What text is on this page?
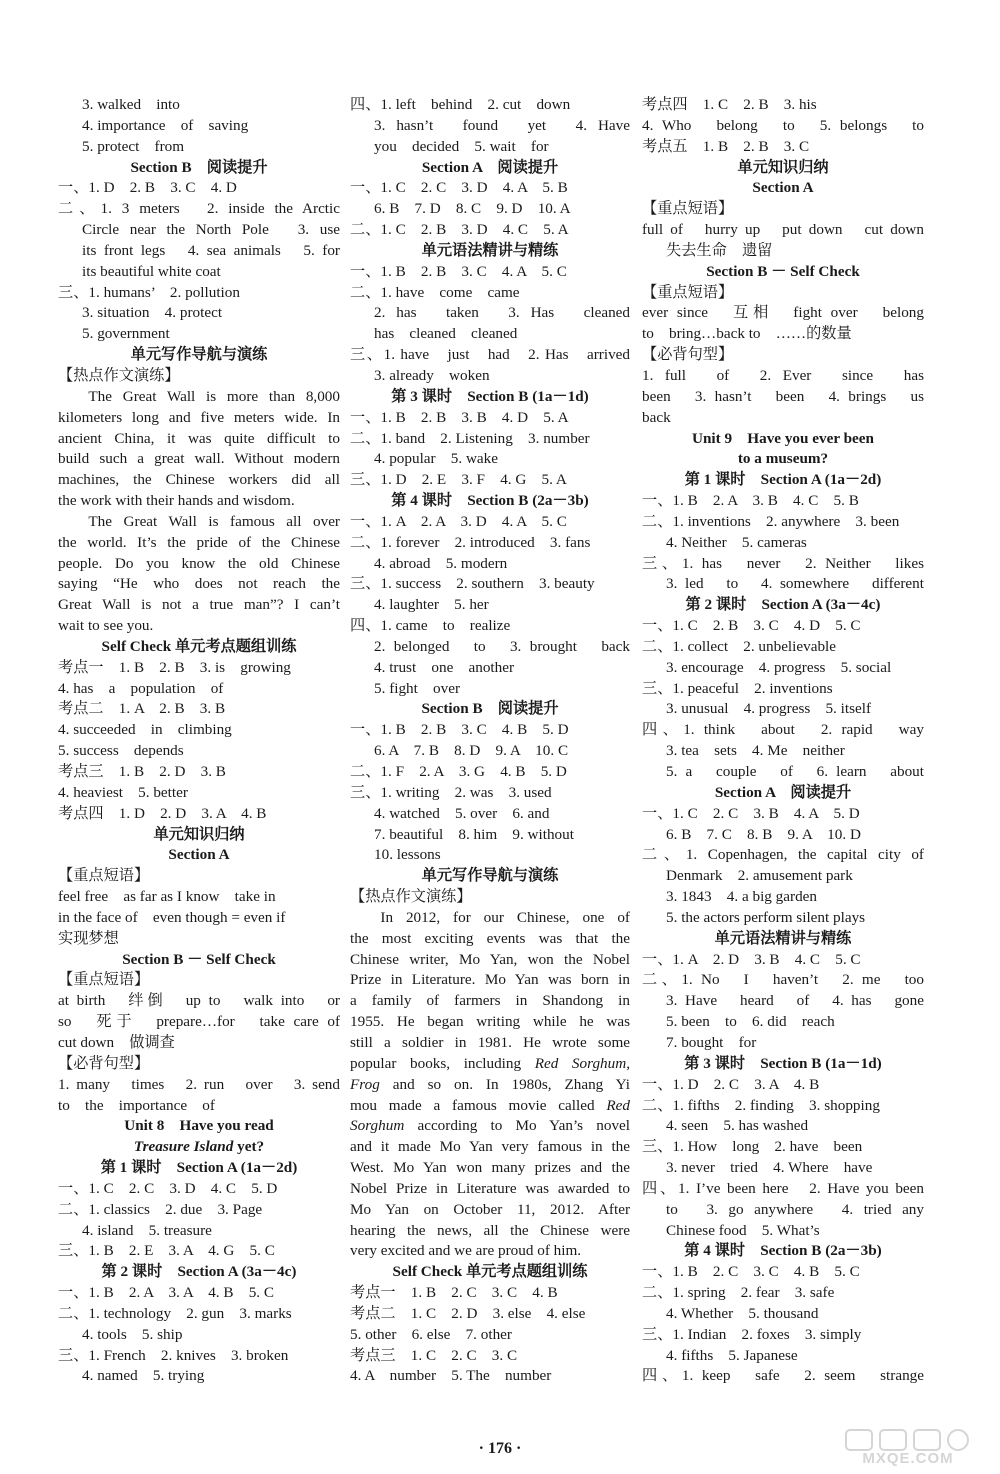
3. walked　into
4. importance　of　saving
5. protect　from
Section B　阅读提升
一、1. D　2. B　3. C　4. D
二、1. 3 meters　2. inside the Arctic
Circle near the North Pole　3. use
its front legs　4. sea animals　5. for
its beautiful white coat
三、1. humans’　2. pollution
3. situation　4. protect
5. government
单元写作导航与演练
【热点作文演练】
The Great Wall is more than 8,000
kilometers long and five meters wide. In
ancient China, it was quite difficult to
build such a great wall. Without modern
machines, the Chinese workers did all
the work with their hands and wisdom.
The Great Wall is famous all over
the world. It’s the pride of the Chinese
people. Do you know the old Chinese
saying “He who does not reach the
Great Wall is not a true man”? I can’t
wait to see you.
Self Check 单元考点题组训练
考点一　1. B　2. B　3. is　growing
4. has　a　population　of
考点二　1. A　2. B　3. B
4. succeeded　in　climbing
5. success　depends
考点三　1. B　2. D　3. B
4. heaviest　5. better
考点四　1. D　2. D　3. A　4. B
单元知识归纳
Section A
【重点短语】
feel free　as far as I know　take in
in the face of　even though = even if
实现梦想
Section B － Self Check
【重点短语】
at birth　绊倒　up to　walk into　or
so　死于　prepare…for　take care of
cut down　做调查
【必背句型】
1. many　times　2. run　over　3. send
to　the　importance　of
Unit 8　Have you read
Treasure Island yet?
第 1 课时　Section A (1a－2d)
一、1. C　2. C　3. D　4. C　5. D
二、1. classics　2. due　3. Page
4. island　5. treasure
三、1. B　2. E　3. A　4. G　5. C
第 2 课时　Section A (3a－4c)
一、1. B　2. A　3. A　4. B　5. C
二、1. technology　2. gun　3. marks
4. tools　5. ship
三、1. French　2. knives　3. broken
4. named　5. trying
四、1. left　behind　2. cut　down
3. hasn’t　found　yet　4. Have
you　decided　5. wait　for
Section A　阅读提升
一、1. C　2. C　3. D　4. A　5. B
6. B　7. D　8. C　9. D　10. A
二、1. C　2. B　3. D　4. C　5. A
单元语法精讲与精练
一、1. B　2. B　3. C　4. A　5. C
二、1. have　come　came
2. has　taken　3. Has　cleaned
has　cleaned　cleaned
三、1. have　just　had　2. Has　arrived
3. already　woken
第 3 课时　Section B (1a－1d)
一、1. B　2. B　3. B　4. D　5. A
二、1. band　2. Listening　3. number
4. popular　5. wake
三、1. D　2. E　3. F　4. G　5. A
第 4 课时　Section B (2a－3b)
一、1. A　2. A　3. D　4. A　5. C
二、1. forever　2. introduced　3. fans
4. abroad　5. modern
三、1. success　2. southern　3. beauty
4. laughter　5. her
四、1. came　to　realize
2. belonged　to　3. brought　back
4. trust　one　another
5. fight　over
Section B　阅读提升
一、1. B　2. B　3. C　4. B　5. D
6. A　7. B　8. D　9. A　10. C
二、1. F　2. A　3. G　4. B　5. D
三、1. writing　2. was　3. used
4. watched　5. over　6. and
7. beautiful　8. him　9. without
10. lessons
单元写作导航与演练
【热点作文演练】
In 2012, for our Chinese, one of
the most exciting events was that the
Chinese writer, Mo Yan, won the Nobel
Prize in Literature. Mo Yan was born in
a family of farmers in Shandong in
1955. He began writing while he was
still a soldier in 1981. He wrote some
popular books, including Red Sorghum,
Frog and so on. In 1980s, Zhang Yi
mou made a famous movie called Red
Sorghum according to Mo Yan’s novel
and it made Mo Yan very famous in the
West. Mo Yan won many prizes and the
Nobel Prize in Literature was awarded to
Mo Yan on October 11, 2012. After
hearing the news, all the Chinese were
very excited and we are proud of him.
Self Check 单元考点题组训练
考点一　1. B　2. C　3. C　4. B
考点二　1. C　2. D　3. else　4. else
5. other　6. else　7. other
考点三　1. C　2. C　3. C
4. A　number　5. The　number
考点四　1. C　2. B　3. his
4. Who　belong　to　5. belongs　to
考点五　1. B　2. B　3. C
单元知识归纳
Section A
【重点短语】
full of　hurry up　put down　cut down
失去生命　遗留
Section B － Self Check
【重点短语】
ever since　互相　fight over　belong
to　bring…back to　……的数量
【必背句型】
1. full　of　2. Ever　since　has
been　3. hasn’t　been　4. brings　us
back
Unit 9　Have you ever been
to a museum?
第 1 课时　Section A (1a－2d)
一、1. B　2. A　3. B　4. C　5. B
二、1. inventions　2. anywhere　3. been
4. Neither　5. cameras
三、1. has　never　2. Neither　likes
3. led　to　4. somewhere　different
第 2 课时　Section A (3a－4c)
一、1. C　2. B　3. C　4. D　5. C
二、1. collect　2. unbelievable
3. encourage　4. progress　5. social
三、1. peaceful　2. inventions
3. unusual　4. progress　5. itself
四、1. think　about　2. rapid　way
3. tea　sets　4. Me　neither
5. a　couple　of　6. learn　about
Section A　阅读提升
一、1. C　2. C　3. B　4. A　5. D
6. B　7. C　8. B　9. A　10. D
二、1. Copenhagen, the capital city of
Denmark　2. amusement park
3. 1843　4. a big garden
5. the actors perform silent plays
单元语法精讲与精练
一、1. A　2. D　3. B　4. C　5. C
二、1. No　I　haven’t　2. me　too
3. Have　heard　of　4. has　gone
5. been　to　6. did　reach
7. bought　for
第 3 课时　Section B (1a－1d)
一、1. D　2. C　3. A　4. B
二、1. fifths　2. finding　3. shopping
4. seen　5. has washed
三、1. How　long　2. have　been
3. never　tried　4. Where　have
四、1. I’ve been here　2. Have you been
to　3. go anywhere　4. tried any
Chinese food　5. What’s
第 4 课时　Section B (2a－3b)
一、1. B　2. C　3. C　4. B　5. C
二、1. spring　2. fear　3. safe
4. Whether　5. thousand
三、1. Indian　2. foxes　3. simply
4. fifths　5. Japanese
四、1. keep　safe　2. seem　strange
· 176 ·
MXQE.COM
